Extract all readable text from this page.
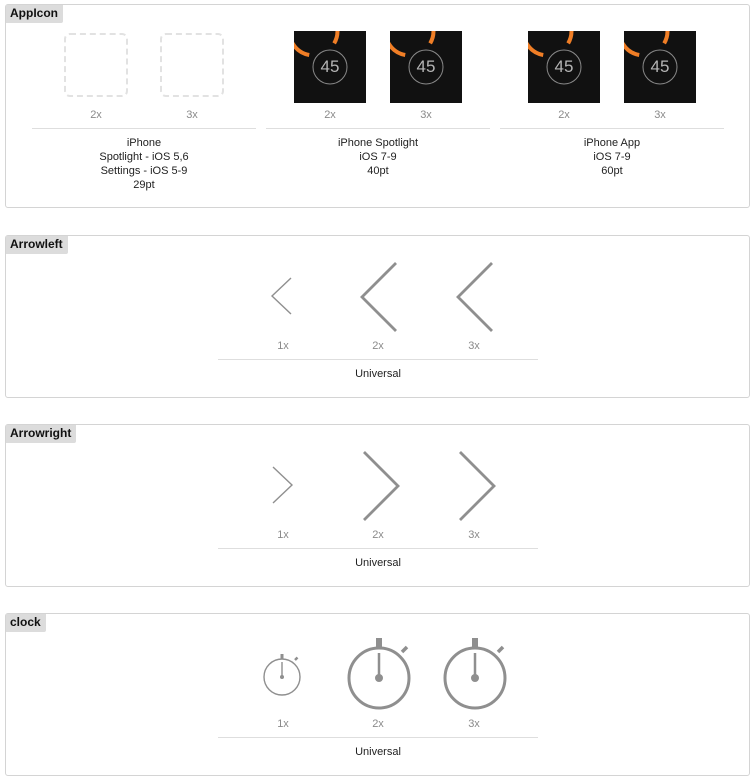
AppIcon
2x	3x
iPhone
Spotlight - iOS 5,6
Settings - iOS 5-9
29pt
45	45
2x	3x
iPhone Spotlight
iOS 7-9
40pt
45	45
2x	3x
iPhone App
iOS 7-9
60pt
Arrowleft
1x	2x	3x
Universal
Arrowright
1x	2x	3x
Universal
clock
1x	2x	3x
Universal
